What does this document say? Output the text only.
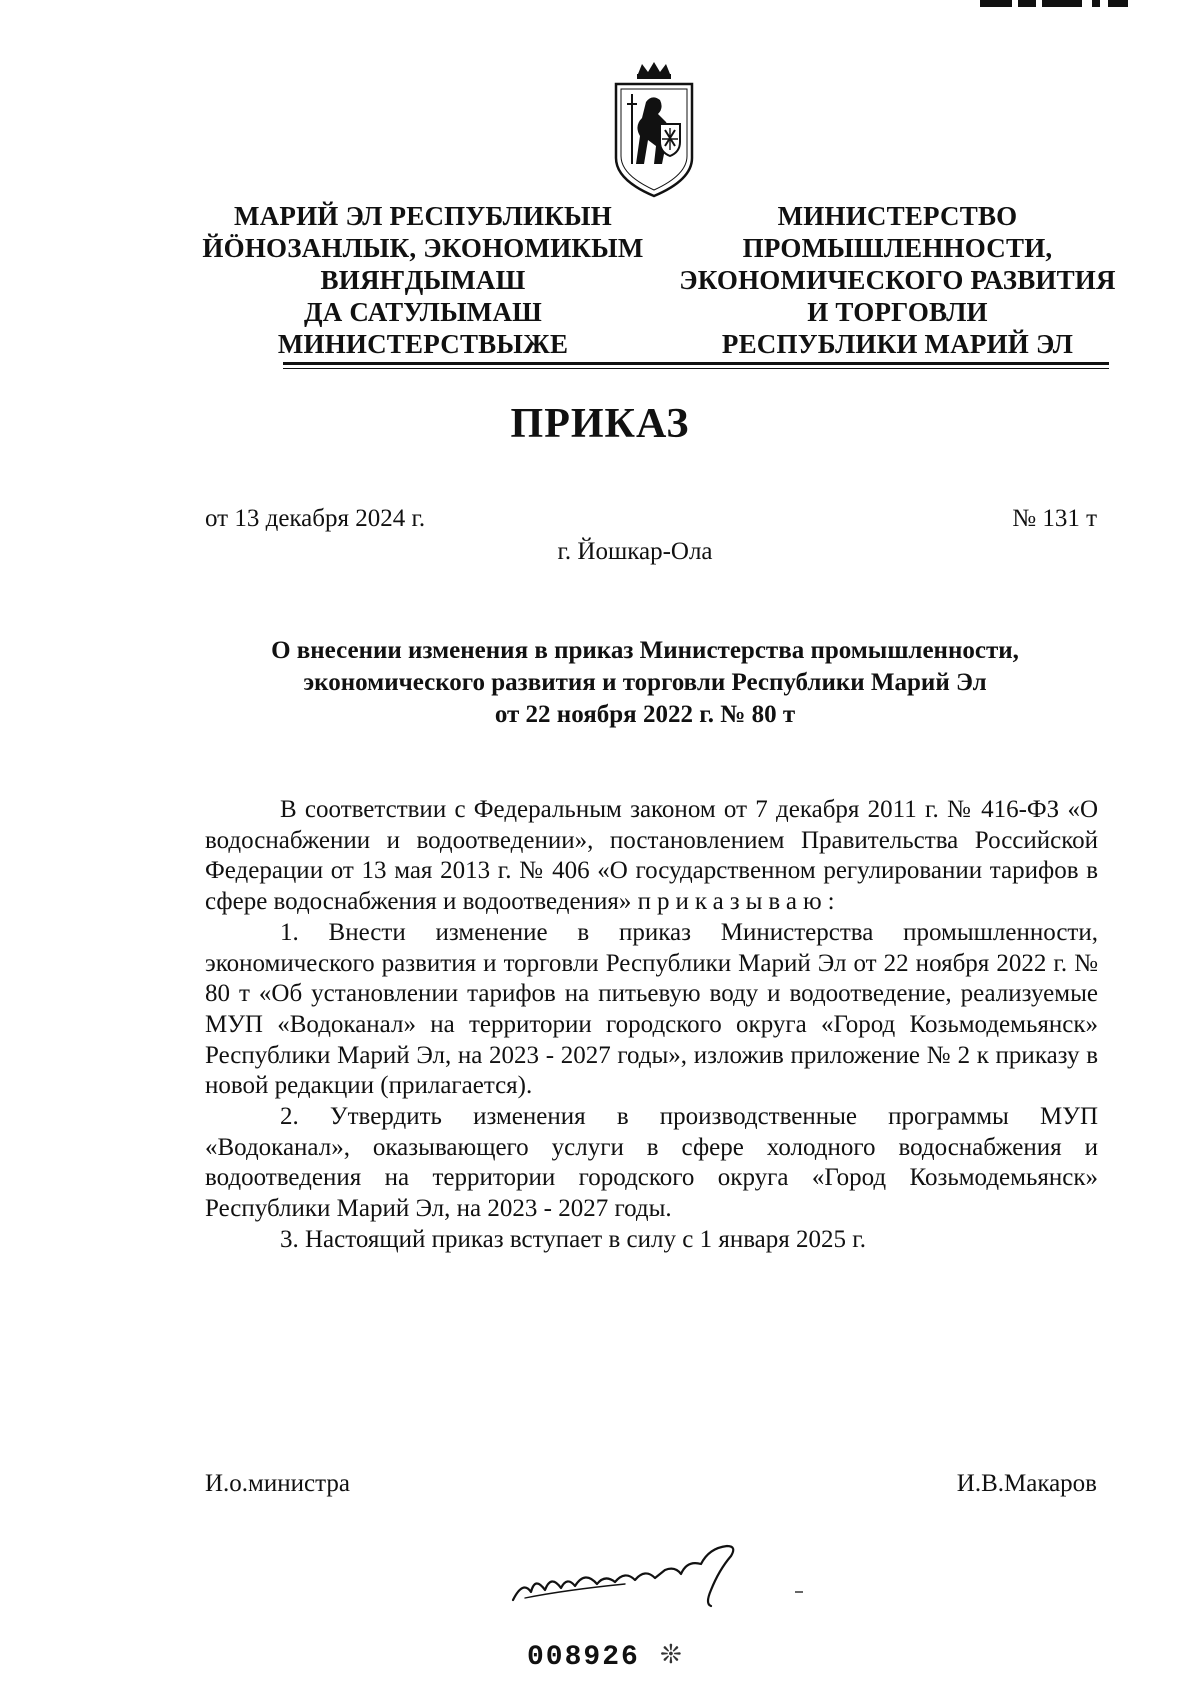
МАРИЙ ЭЛ РЕСПУБЛИКЫН
ЙӦНОЗАНЛЫК, ЭКОНОМИКЫМ
ВИЯҤДЫМАШ
ДА САТУЛЫМАШ
МИНИСТЕРСТВЫЖЕ
МИНИСТЕРСТВО
ПРОМЫШЛЕННОСТИ,
ЭКОНОМИЧЕСКОГО РАЗВИТИЯ
И ТОРГОВЛИ
РЕСПУБЛИКИ МАРИЙ ЭЛ
ПРИКАЗ
от 13 декабря 2024 г.	№ 131 т
г. Йошкар-Ола
О внесении изменения в приказ Министерства промышленности,
экономического развития и торговли Республики Марий Эл
от 22 ноября 2022 г. № 80 т

В соответствии с Федеральным законом от 7 декабря 2011 г. № 416-ФЗ «О водоснабжении и водоотведении», постановлением Правительства Российской Федерации от 13 мая 2013 г. № 406 «О государственном регулировании тарифов в сфере водоснабжения и водоотведения» приказываю:

1. Внести изменение в приказ Министерства промышленности, экономического развития и торговли Республики Марий Эл от 22 ноября 2022 г. № 80 т «Об установлении тарифов на питьевую воду и водоотведение, реализуемые МУП «Водоканал» на территории городского округа «Город Козьмодемьянск» Республики Марий Эл, на 2023 - 2027 годы», изложив приложение № 2 к приказу в новой редакции (прилагается).

2. Утвердить изменения в производственные программы МУП «Водоканал», оказывающего услуги в сфере холодного водоснабжения и водоотведения на территории городского округа «Город Козьмодемьянск» Республики Марий Эл, на 2023 - 2027 годы.

3. Настоящий приказ вступает в силу с 1 января 2025 г.

И.о.министра	И.В.Макаров
008926 ❊
